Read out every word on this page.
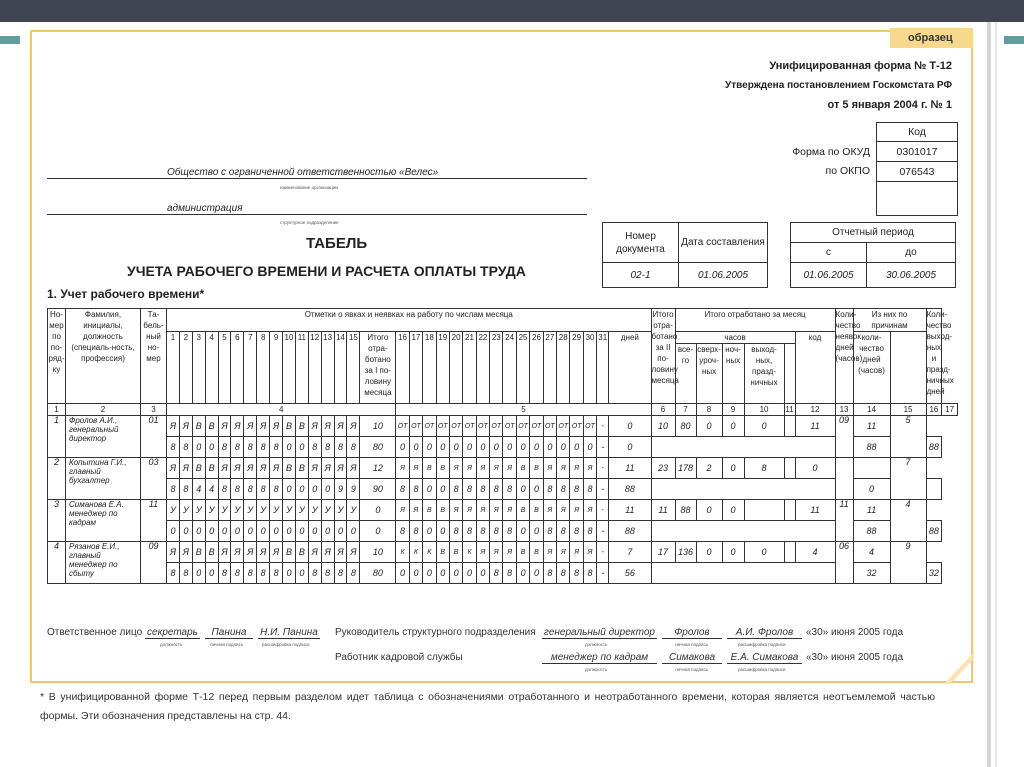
образец
Унифицированная форма № Т-12
Утверждена постановлением Госкомстата РФ
от 5 января 2004 г. № 1
Форма по ОКУД
по ОКПО
Код
0301017
076543

Общество с ограниченной ответственностью «Велес»
наименование организации
администрация
структурное подразделение
Номер документа	Дата составления
02-1	01.06.2005
Отчетный период	
с	до
01.06.2005	30.06.2005
ТАБЕЛЬ
УЧЕТА РАБОЧЕГО ВРЕМЕНИ И РАСЧЕТА ОПЛАТЫ ТРУДА
1. Учет рабочего времени*
Но-мер по по-ряд-ку	Фамилия, инициалы, должность (специаль-ность, профессия)	Та-бель-ный но-мер	Отметки о явках и неявках на работу по числам месяца																																	Итого отра-ботано за II по-ловину месяца	Итого отработано за месяц						Коли-чество неявок дней (часов)	Из них по причинам		Коли-чество выход-ных и празд-ничных дней	
			1	2	3	4	5	6	7	8	9	10	11	12	13	14	15	Итого отра-ботано за I по-ловину месяца	16	17	18	19	20	21	22	23	24	25	26	27	28	29	30	31	дней		часов					код		коли-чество дней (часов)			
																																					все-го	сверх-уроч-ных	ноч-ных	выход-ных, празд-ничных							
1	2	3	4																5																	6	7	8	9	10	11	12	13	14	15	16	17
1	Фролов А.И., генеральный директор	01	Я	Я	В	В	Я	Я	Я	Я	Я	В	В	Я	Я	Я	Я	10	ОТ	ОТ	ОТ	ОТ	ОТ	ОТ	ОТ	ОТ	ОТ	ОТ	ОТ	ОТ	ОТ	ОТ	ОТ	-	0	10	80	0	0	0		11	09	11	5		
			8	8	0	0	8	8	8	8	8	0	0	8	8	8	8	80	0	0	0	0	0	0	0	0	0	0	0	0	0	0	0	-	0									88		88	
2	Копытина Г.И., главный бухгалтер	03	Я	Я	В	В	Я	Я	Я	Я	Я	В	В	Я	Я	Я	Я	12	Я	Я	В	В	Я	Я	Я	Я	Я	В	В	Я	Я	Я	Я	-	11	23	178	2	0	8		0			7		
			8	8	4	4	8	8	8	8	8	0	0	0	0	9	9	90	8	8	0	0	8	8	8	8	8	0	0	8	8	8	8	-	88									0			
3	Симанова Е.А. менеджер по кадрам	11	У	У	У	У	У	У	У	У	У	У	У	У	У	У	У	0	Я	Я	В	В	Я	Я	Я	Я	Я	В	В	Я	Я	Я	Я	-	11	11	88	0	0			11	11	11	4		
			0	0	0	0	0	0	0	0	0	0	0	0	0	0	0	0	8	8	0	0	8	8	8	8	8	0	0	8	8	8	8	-	88									88		88	
4	Рязанов Е.И., главный менеджер по сбыту	09	Я	Я	В	В	Я	Я	Я	Я	Я	В	В	Я	Я	Я	Я	10	К	К	К	В	В	К	Я	Я	Я	В	В	Я	Я	Я	Я	-	7	17	136	0	0	0		4	06	4	9		
			8	8	0	0	8	8	8	8	8	0	0	8	8	8	8	80	0	0	0	0	0	0	0	8	8	0	0	8	8	8	8	-	56									32		32	
Ответственное лицо секретарь	Панина	Н.И. Панина
должность	личная подпись	расшифровка подписи
Руководитель структурного подразделения генеральный директор	Фролов	А.И. Фролов	«30» июня 2005 года
должность	личная подпись	расшифровка подписи
Работник кадровой службы	менеджер по кадрам	Симакова	Е.А. Симакова «30» июня 2005 года
должность	личная подпись	расшифровка подписи
* В унифицированной форме Т-12 перед первым разделом идет таблица с обозначениями отработанного и неотработанного времени, которая является неотъемлемой частью формы. Эти обозначения представлены на стр. 44.
